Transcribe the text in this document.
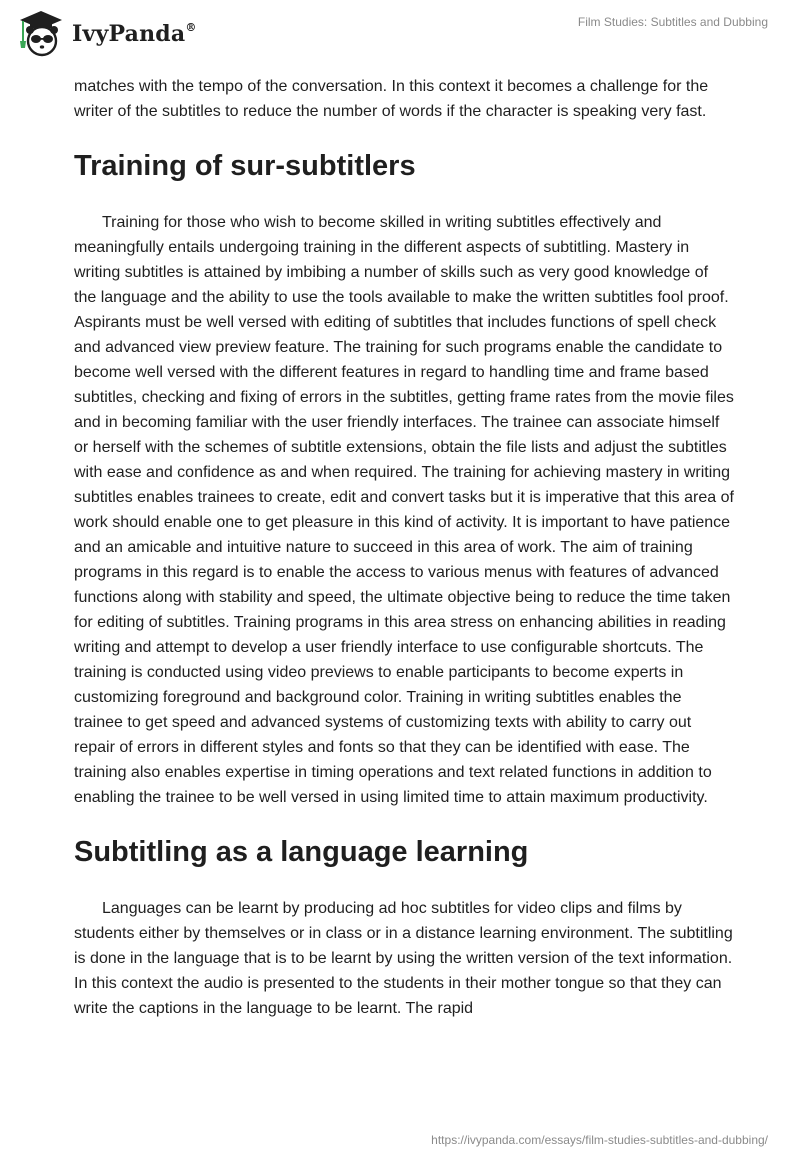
IvyPanda®	Film Studies: Subtitles and Dubbing

matches with the tempo of the conversation. In this context it becomes a challenge for the writer of the subtitles to reduce the number of words if the character is speaking very fast.

Training of sur-subtitlers

Training for those who wish to become skilled in writing subtitles effectively and meaningfully entails undergoing training in the different aspects of subtitling. Mastery in writing subtitles is attained by imbibing a number of skills such as very good knowledge of the language and the ability to use the tools available to make the written subtitles fool proof. Aspirants must be well versed with editing of subtitles that includes functions of spell check and advanced view preview feature. The training for such programs enable the candidate to become well versed with the different features in regard to handling time and frame based subtitles, checking and fixing of errors in the subtitles, getting frame rates from the movie files and in becoming familiar with the user friendly interfaces. The trainee can associate himself or herself with the schemes of subtitle extensions, obtain the file lists and adjust the subtitles with ease and confidence as and when required. The training for achieving mastery in writing subtitles enables trainees to create, edit and convert tasks but it is imperative that this area of work should enable one to get pleasure in this kind of activity. It is important to have patience and an amicable and intuitive nature to succeed in this area of work. The aim of training programs in this regard is to enable the access to various menus with features of advanced functions along with stability and speed, the ultimate objective being to reduce the time taken for editing of subtitles. Training programs in this area stress on enhancing abilities in reading writing and attempt to develop a user friendly interface to use configurable shortcuts. The training is conducted using video previews to enable participants to become experts in customizing foreground and background color. Training in writing subtitles enables the trainee to get speed and advanced systems of customizing texts with ability to carry out repair of errors in different styles and fonts so that they can be identified with ease. The training also enables expertise in timing operations and text related functions in addition to enabling the trainee to be well versed in using limited time to attain maximum productivity.

Subtitling as a language learning

Languages can be learnt by producing ad hoc subtitles for video clips and films by students either by themselves or in class or in a distance learning environment. The subtitling is done in the language that is to be learnt by using the written version of the text information. In this context the audio is presented to the students in their mother tongue so that they can write the captions in the language to be learnt. The rapid

https://ivypanda.com/essays/film-studies-subtitles-and-dubbing/
